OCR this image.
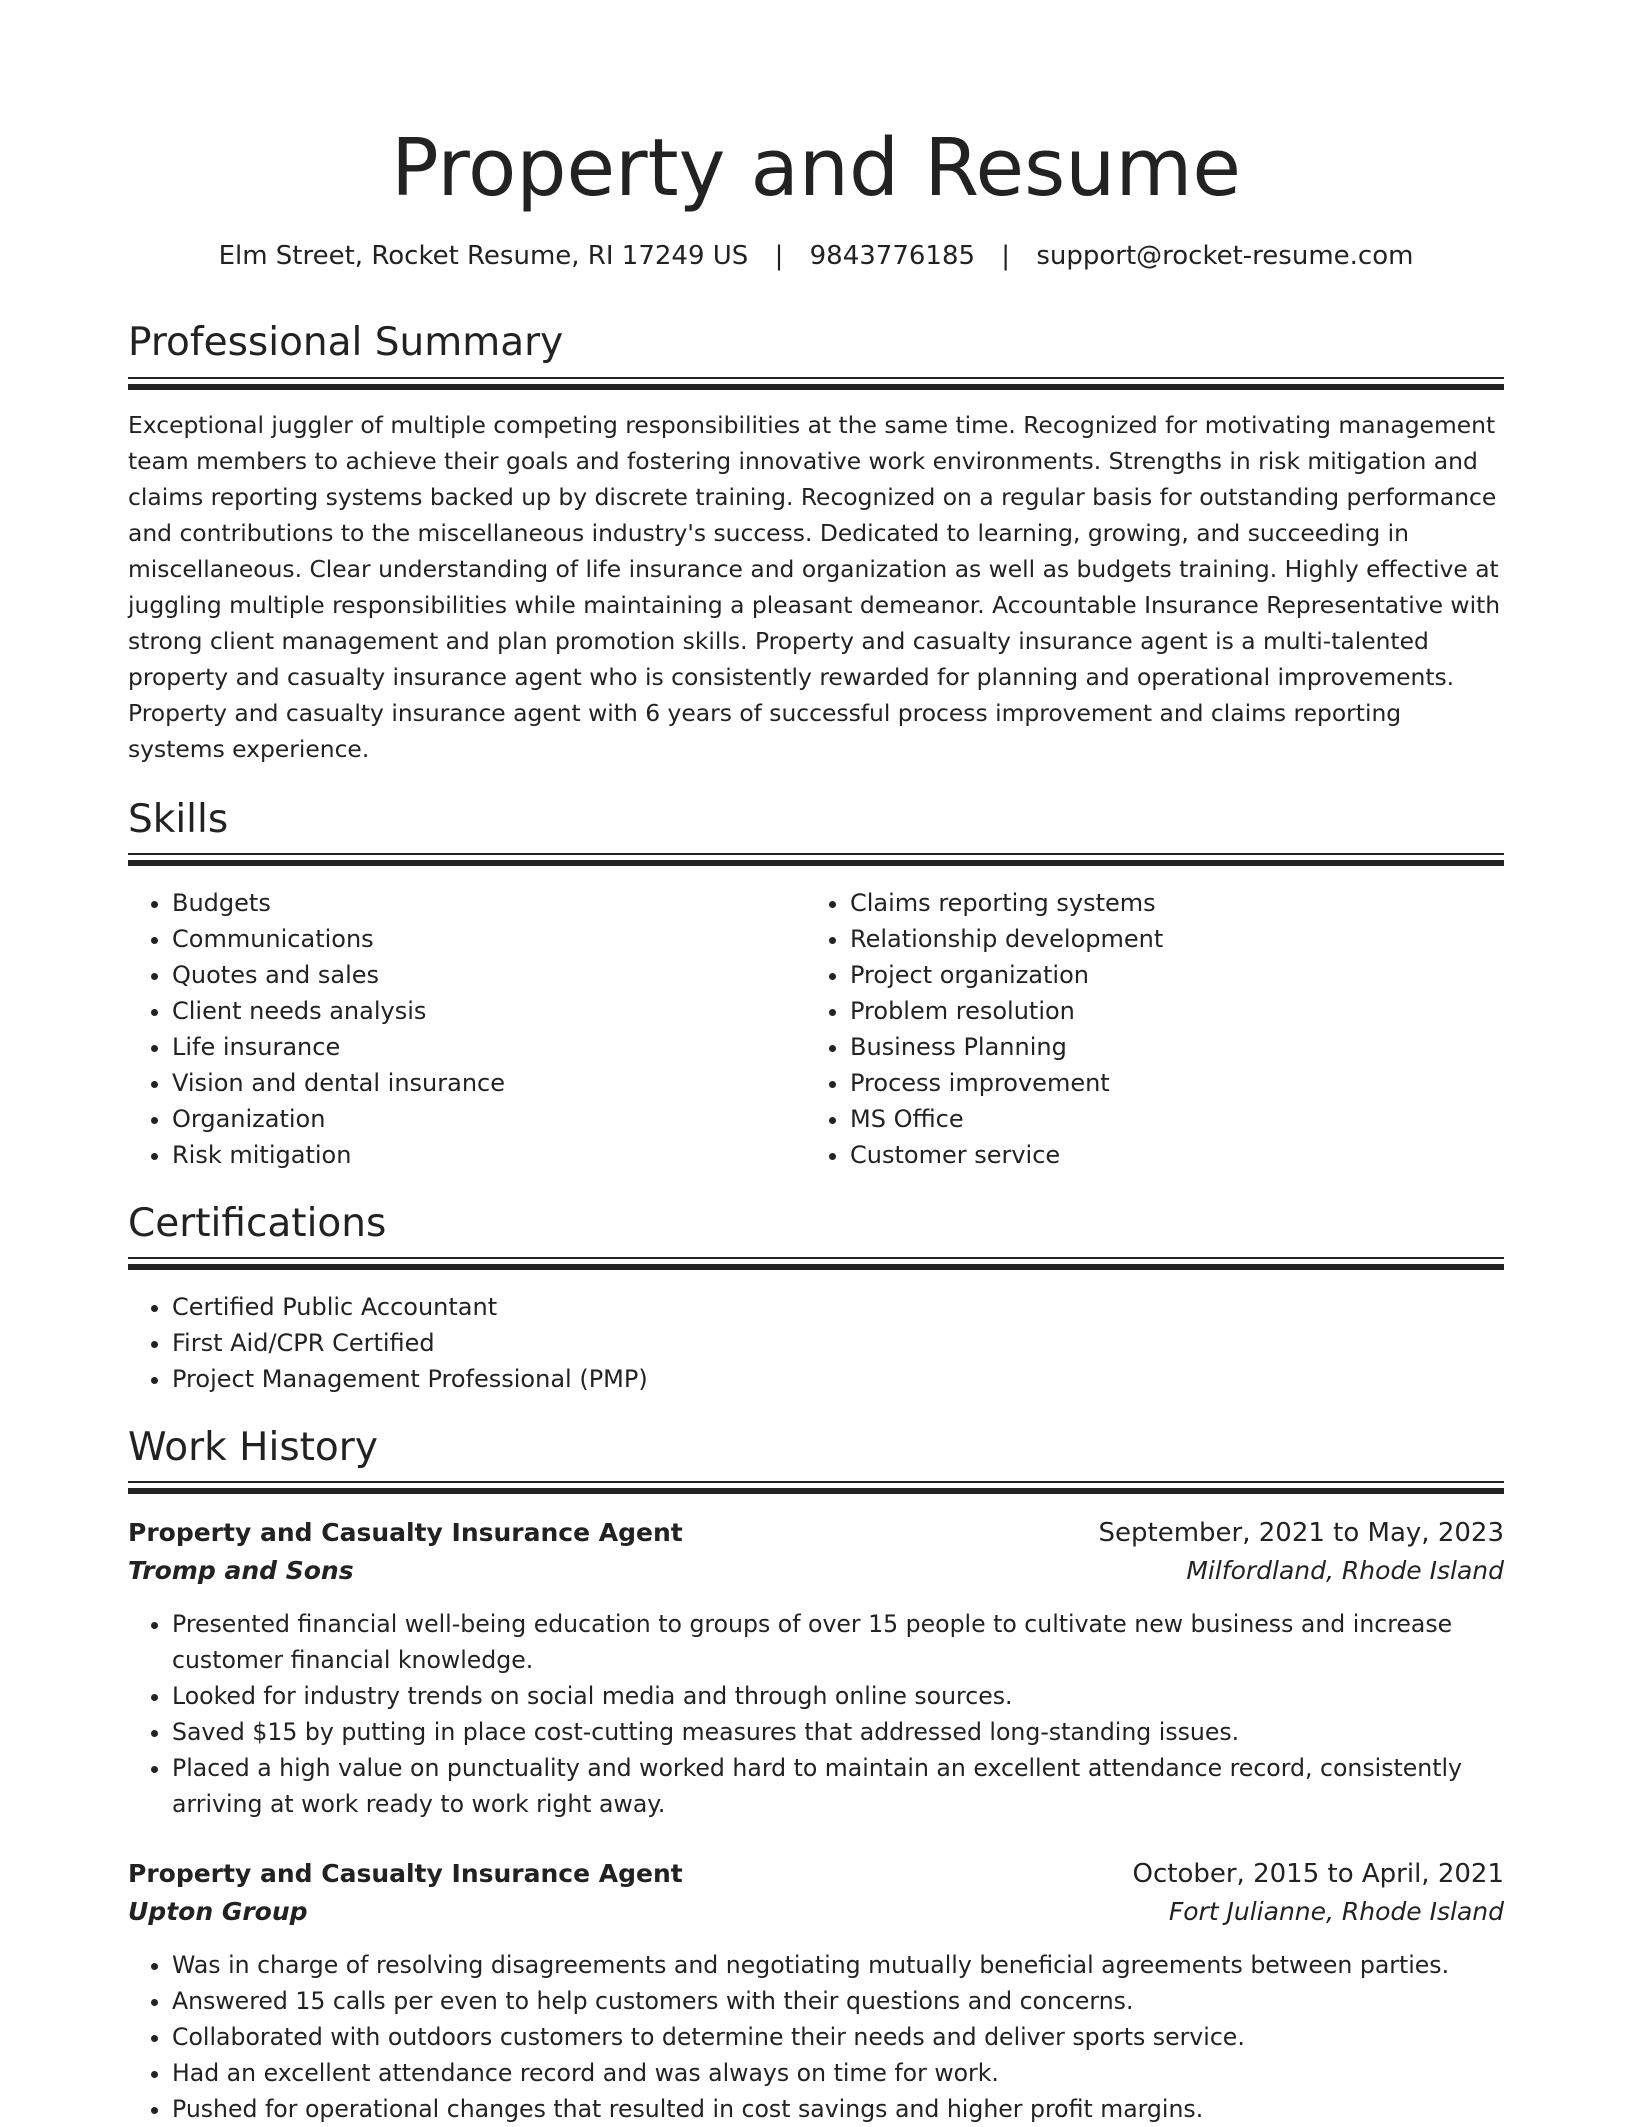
Property and Resume
Elm Street, Rocket Resume, RI 17249 US | 9843776185 | support@rocket-resume.com
Professional Summary

Exceptional juggler of multiple competing responsibilities at the same time. Recognized for motivating management team members to achieve their goals and fostering innovative work environments. Strengths in risk mitigation and claims reporting systems backed up by discrete training. Recognized on a regular basis for outstanding performance and contributions to the miscellaneous industry's success. Dedicated to learning, growing, and succeeding in miscellaneous. Clear understanding of life insurance and organization as well as budgets training. Highly effective at juggling multiple responsibilities while maintaining a pleasant demeanor. Accountable Insurance Representative with strong client management and plan promotion skills. Property and casualty insurance agent is a multi-talented property and casualty insurance agent who is consistently rewarded for planning and operational improvements. Property and casualty insurance agent with 6 years of successful process improvement and claims reporting systems experience.

Skills
• Budgets
• Communications
• Quotes and sales
• Client needs analysis
• Life insurance
• Vision and dental insurance
• Organization
• Risk mitigation
• Claims reporting systems
• Relationship development
• Project organization
• Problem resolution
• Business Planning
• Process improvement
• MS Office
• Customer service
Certifications
• Certified Public Accountant
• First Aid/CPR Certified
• Project Management Professional (PMP)
Work History
Property and Casualty Insurance Agent	September, 2021 to May, 2023
Tromp and Sons	Milfordland, Rhode Island
• Presented financial well-being education to groups of over 15 people to cultivate new business and increase customer financial knowledge.
• Looked for industry trends on social media and through online sources.
• Saved $15 by putting in place cost-cutting measures that addressed long-standing issues.
• Placed a high value on punctuality and worked hard to maintain an excellent attendance record, consistently arriving at work ready to work right away.
Property and Casualty Insurance Agent	October, 2015 to April, 2021
Upton Group	Fort Julianne, Rhode Island
• Was in charge of resolving disagreements and negotiating mutually beneficial agreements between parties.
• Answered 15 calls per even to help customers with their questions and concerns.
• Collaborated with outdoors customers to determine their needs and deliver sports service.
• Had an excellent attendance record and was always on time for work.
• Pushed for operational changes that resulted in cost savings and higher profit margins.
